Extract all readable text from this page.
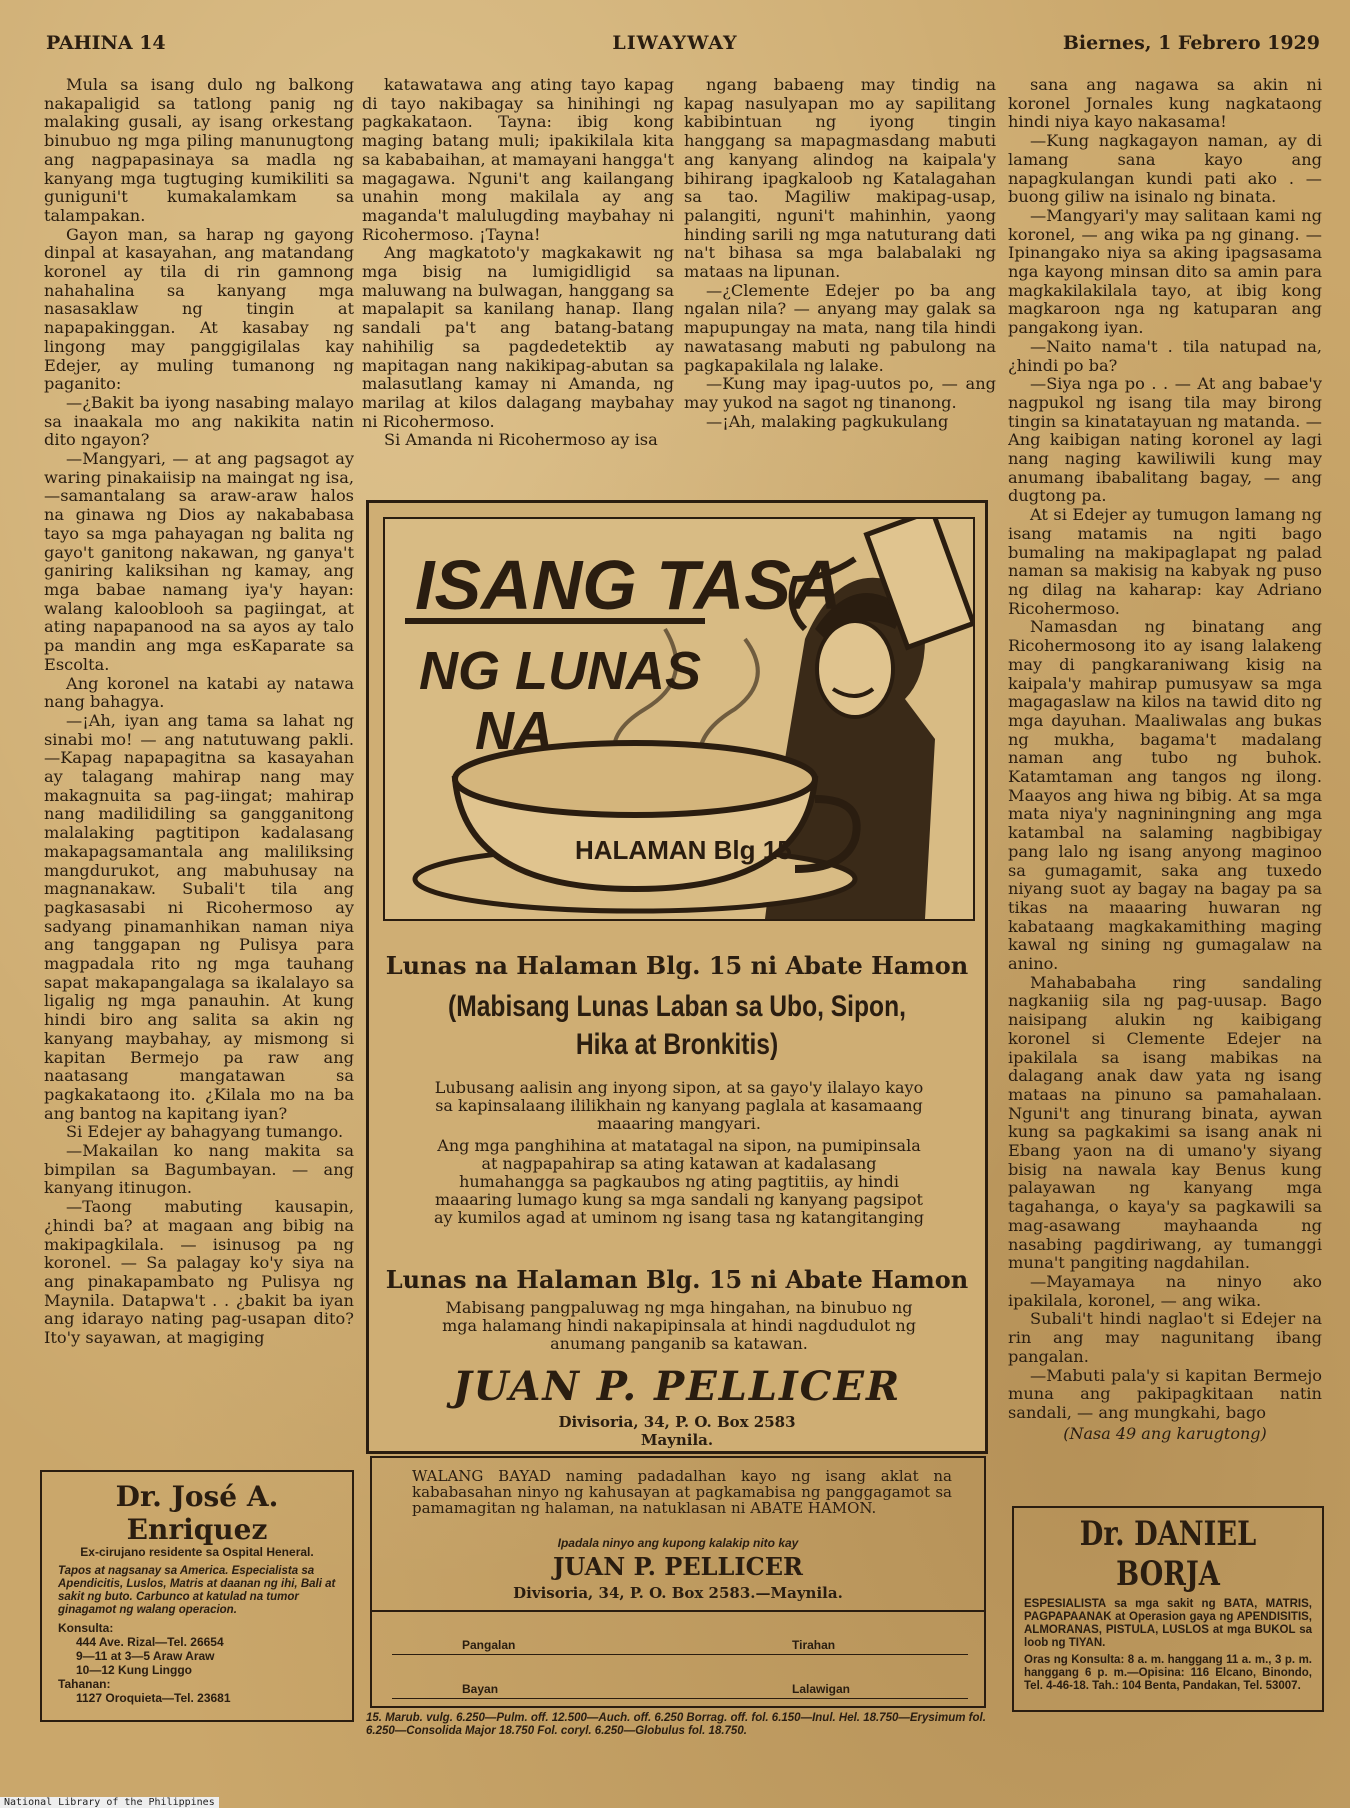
PAHINA 14	LIWAYWAY	Biernes, 1 Febrero 1929

Mula sa isang dulo ng balkong nakapaligid sa tatlong panig ng malaking gusali, ay isang orkestang binubuo ng mga piling manunugtong ang nagpapasinaya sa madla ng kanyang mga tugtuging kumikiliti sa guniguni't kumakalamkam sa talampakan.

Gayon man, sa harap ng gayong dinpal at kasayahan, ang matandang koronel ay tila di rin gamnong nahahalina sa kanyang mga nasasaklaw ng tingin at napapakinggan. At kasabay ng lingong may panggigilalas kay Edejer, ay muling tumanong ng paganito:

—¿Bakit ba iyong nasabing malayo sa inaakala mo ang nakikita natin dito ngayon?

—Mangyari, — at ang pagsagot ay waring pinakaiisip na maingat ng isa,—samantalang sa araw-araw halos na ginawa ng Dios ay nakababasa tayo sa mga pahayagan ng balita ng gayo't ganitong nakawan, ng ganya't ganiring kaliksihan ng kamay, ang mga babae namang iya'y hayan: walang kalooblooh sa pagiingat, at ating napapanood na sa ayos ay talo pa mandin ang mga esKaparate sa Escolta.

Ang koronel na katabi ay natawa nang bahagya.

—¡Ah, iyan ang tama sa lahat ng sinabi mo! — ang natutuwang pakli.—Kapag napapagitna sa kasayahan ay talagang mahirap nang may makagnuita sa pag-iingat; mahirap nang madilidiling sa gangganitong malalaking pagtitipon kadalasang makapagsamantala ang maliliksing mangdurukot, ang mabuhusay na magnanakaw. Subali't tila ang pagkasasabi ni Ricohermoso ay sadyang pinamanhikan naman niya ang tanggapan ng Pulisya para magpadala rito ng mga tauhang sapat makapangalaga sa ikalalayo sa ligalig ng mga panauhin. At kung hindi biro ang salita sa akin ng kanyang maybahay, ay mismong si kapitan Bermejo pa raw ang naatasang mangatawan sa pagkakataong ito. ¿Kilala mo na ba ang bantog na kapitang iyan?

Si Edejer ay bahagyang tumango.

—Makailan ko nang makita sa bimpilan sa Bagumbayan. — ang kanyang itinugon.

—Taong mabuting kausapin, ¿hindi ba? at magaan ang bibig na makipagkilala. — isinusog pa ng koronel. — Sa palagay ko'y siya na ang pinakapambato ng Pulisya ng Maynila. Datapwa't . . ¿bakit ba iyan ang idarayo nating pag-usapan dito? Ito'y sayawan, at magiging

katawatawa ang ating tayo kapag di tayo nakibagay sa hinihingi ng pagkakataon. Tayna: ibig kong maging batang muli; ipakikilala kita sa kababaihan, at mamayani hangga't magagawa. Nguni't ang kailangang unahin mong makilala ay ang maganda't malulugding maybahay ni Ricohermoso. ¡Tayna!

Ang magkatoto'y magkakawit ng mga bisig na lumigidligid sa maluwang na bulwagan, hanggang sa mapalapit sa kanilang hanap. Ilang sandali pa't ang batang-batang nahihilig sa pagdedetektib ay mapitagan nang nakikipag-abutan sa malasutlang kamay ni Amanda, ng marilag at kilos dalagang maybahay ni Ricohermoso.

Si Amanda ni Ricohermoso ay isa

ngang babaeng may tindig na kapag nasulyapan mo ay sapilitang kabibintuan ng iyong tingin hanggang sa mapagmasdang mabuti ang kanyang alindog na kaipala'y bihirang ipagkaloob ng Katalagahan sa tao. Magiliw makipag-usap, palangiti, nguni't mahinhin, yaong hinding sarili ng mga natuturang dati na't bihasa sa mga balabalaki ng mataas na lipunan.

—¿Clemente Edejer po ba ang ngalan nila? — anyang may galak sa mapupungay na mata, nang tila hindi nawatasang mabuti ng pabulong na pagkapakilala ng lalake.

—Kung may ipag-uutos po, — ang may yukod na sagot ng tinanong.

—¡Ah, malaking pagkukulang

sana ang nagawa sa akin ni koronel Jornales kung nagkataong hindi niya kayo nakasama!

—Kung nagkagayon naman, ay di lamang sana kayo ang napagkulangan kundi pati ako . —buong giliw na isinalo ng binata.

—Mangyari'y may salitaan kami ng koronel, — ang wika pa ng ginang. — Ipinangako niya sa aking ipagsasama nga kayong minsan dito sa amin para magkakilakilala tayo, at ibig kong magkaroon nga ng katuparan ang pangakong iyan.

—Naito nama't . tila natupad na, ¿hindi po ba?

—Siya nga po . . — At ang babae'y nagpukol ng isang tila may birong tingin sa kinatatayuan ng matanda. — Ang kaibigan nating koronel ay lagi nang naging kawiliwili kung may anumang ibabalitang bagay, — ang dugtong pa.

At si Edejer ay tumugon lamang ng isang matamis na ngiti bago bumaling na makipaglapat ng palad naman sa makisig na kabyak ng puso ng dilag na kaharap: kay Adriano Ricohermoso.

Namasdan ng binatang ang Ricohermosong ito ay isang lalakeng may di pangkaraniwang kisig na kaipala'y mahirap pumusyaw sa mga magagaslaw na kilos na tawid dito ng mga dayuhan. Maaliwalas ang bukas ng mukha, bagama't madalang naman ang tubo ng buhok. Katamtaman ang tangos ng ilong. Maayos ang hiwa ng bibig. At sa mga mata niya'y nagniningning ang mga katambal na salaming nagbibigay pang lalo ng isang anyong maginoo sa gumagamit, saka ang tuxedo niyang suot ay bagay na bagay pa sa tikas na maaaring huwaran ng kabataang magkakamithing maging kawal ng sining ng gumagalaw na anino.

Mahababaha ring sandaling nagkaniig sila ng pag-uusap. Bago naisipang alukin ng kaibigang koronel si Clemente Edejer na ipakilala sa isang mabikas na dalagang anak daw yata ng isang mataas na pinuno sa pamahalaan. Nguni't ang tinurang binata, aywan kung sa pagkakimi sa isang anak ni Ebang yaon na di umano'y siyang bisig na nawala kay Benus kung palayawan ng kanyang mga tagahanga, o kaya'y sa pagkawili sa mag-asawang mayhaanda ng nasabing pagdiriwang, ay tumanggi muna't pangiting nagdahilan.

—Mayamaya na ninyo ako ipakilala, koronel, — ang wika.

Subali't hindi naglao't si Edejer na rin ang may nagunitang ibang pangalan.

—Mabuti pala'y si kapitan Bermejo muna ang pakipagkitaan natin sandali, — ang mungkahi, bago

(Nasa 49 ang karugtong)
HALAMAN Blg 15
ISANG TASA
NG LUNAS
NA
Lunas na Halaman Blg. 15 ni Abate Hamon
(Mabisang Lunas Laban sa Ubo, Sipon,
Hika at Bronkitis)

Lubusang aalisin ang inyong sipon, at sa gayo'y ilalayo kayo sa kapinsalaang ililikhain ng kanyang paglala at kasamaang maaaring mangyari.

Ang mga panghihina at matatagal na sipon, na pumipinsala at nagpapahirap sa ating katawan at kadalasang humahangga sa pagkaubos ng ating pagtitiis, ay hindi maaaring lumago kung sa mga sandali ng kanyang pagsipot ay kumilos agad at uminom ng isang tasa ng katangitanging

Lunas na Halaman Blg. 15 ni Abate Hamon
Mabisang pangpaluwag ng mga hingahan, na binubuo ng mga halamang hindi nakapipinsala at hindi nagdudulot ng anumang panganib sa katawan.
JUAN P. PELLICER
Divisoria, 34, P. O. Box 2583
Maynila.
WALANG BAYAD naming padadalhan kayo ng isang aklat na kababasahan ninyo ng kahusayan at pagkamabisa ng panggagamot sa pamamagitan ng halaman, na natuklasan ni ABATE HAMON.
Ipadala ninyo ang kupong kalakip nito kay
JUAN P. PELLICER
Divisoria, 34, P. O. Box 2583.—Maynila.
Pangalan	Tirahan
Bayan	Lalawigan
15. Marub. vulg. 6.250—Pulm. off. 12.500—Auch. off. 6.250 Borrag. off. fol. 6.150—Inul. Hel. 18.750—Erysimum fol. 6.250—Consolida Major 18.750 Fol. coryl. 6.250—Globulus fol. 18.750.
Dr. José A. Enriquez
Ex-cirujano residente sa Ospital Heneral.
Tapos at nagsanay sa America. Especialista sa Apendicitis, Luslos, Matris at daanan ng ihi, Bali at sakit ng buto. Carbunco at katulad na tumor ginagamot ng walang operacion.
Konsulta:
444 Ave. Rizal—Tel. 26654
9—11 at 3—5 Araw Araw
10—12 Kung Linggo
Tahanan:
1127 Oroquieta—Tel. 23681
Dr. DANIEL BORJA
ESPESIALISTA sa mga sakit ng BATA, MATRIS, PAGPAPAANAK at Operasion gaya ng APENDISITIS, ALMORANAS, PISTULA, LUSLOS at mga BUKOL sa loob ng TIYAN.
Oras ng Konsulta: 8 a. m. hanggang 11 a. m., 3 p. m. hanggang 6 p. m.—Opisina: 116 Elcano, Binondo, Tel. 4-46-18. Tah.: 104 Benta, Pandakan, Tel. 53007.
National Library of the Philippines
